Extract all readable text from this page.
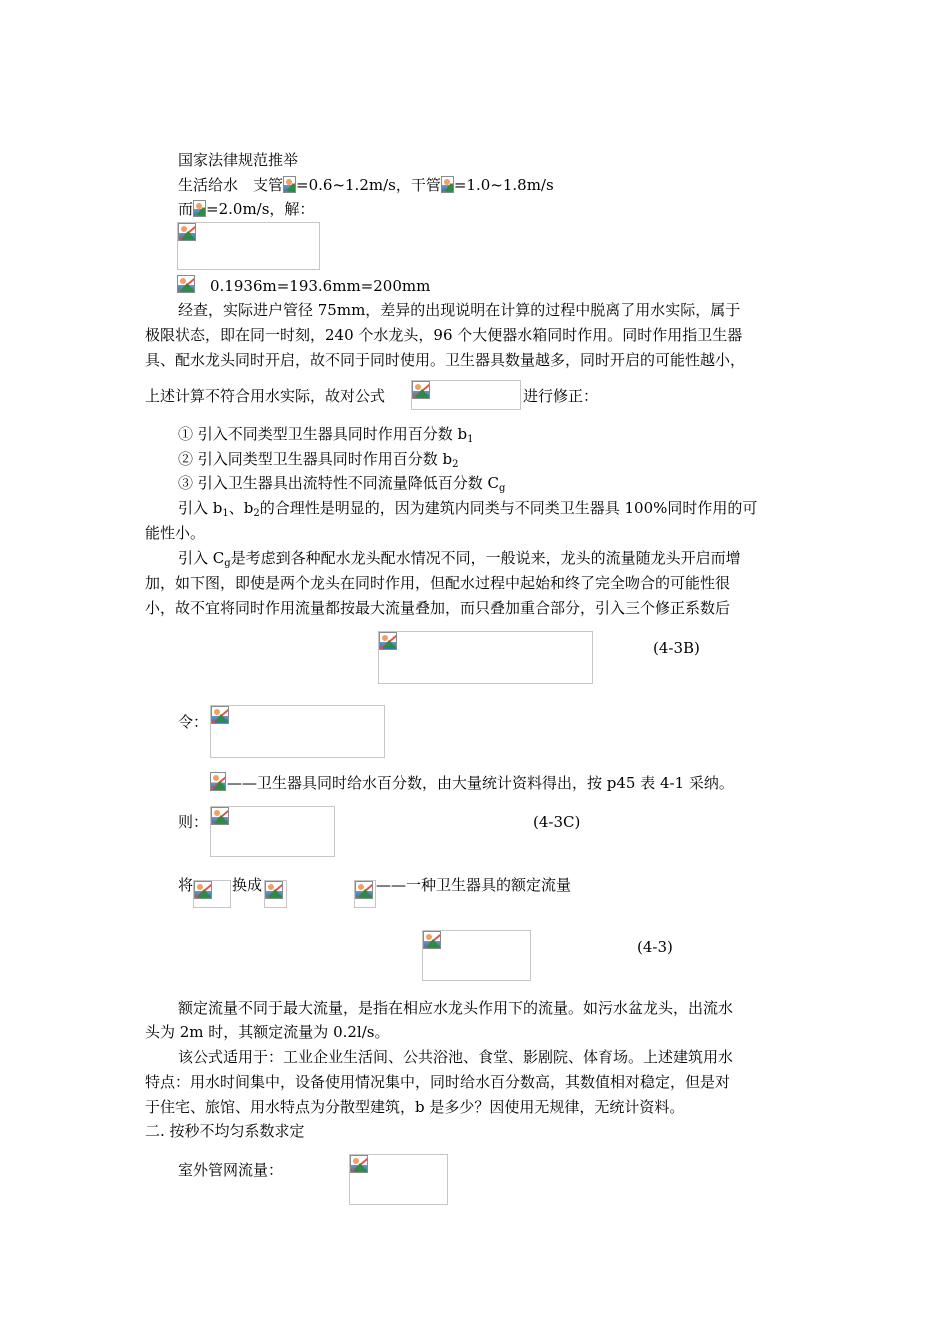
国家法律规范推举
生活给水　支管 =0.6~1.2m/s，干管 =1.0~1.8m/s
而 =2.0m/s，解：
0.1936m=193.6mm=200mm
经查，实际进户管径 75mm，差异的出现说明在计算的过程中脱离了用水实际，属于
极限状态，即在同一时刻，240 个水龙头，96 个大便器水箱同时作用。同时作用指卫生器
具、配水龙头同时开启，故不同于同时使用。卫生器具数量越多，同时开启的可能性越小，
上述计算不符合用水实际，故对公式	进行修正：
① 引入不同类型卫生器具同时作用百分数 $b_1$
② 引入同类型卫生器具同时作用百分数 $b_2$
③ 引入卫生器具出流特性不同流量降低百分数 $C_g$
引入 $b_1$、$b_2$的合理性是明显的，因为建筑内同类与不同类卫生器具 100%同时作用的可
能性小。
引入 $C_g$是考虑到各种配水龙头配水情况不同，一般说来，龙头的流量随龙头开启而增
加，如下图，即使是两个龙头在同时作用，但配水过程中起始和终了完全吻合的可能性很
小，故不宜将同时作用流量都按最大流量叠加，而只叠加重合部分，引入三个修正系数后
(4-3B)
令：
——卫生器具同时给水百分数，由大量统计资料得出，按 p45 表 4-1 采纳。
则：	(4-3C)
将	换成	——一种卫生器具的额定流量
(4-3)
额定流量不同于最大流量，是指在相应水龙头作用下的流量。如污水盆龙头，出流水
头为 2m 时，其额定流量为 0.2l/s。
该公式适用于：工业企业生活间、公共浴池、食堂、影剧院、体育场。上述建筑用水
特点：用水时间集中，设备使用情况集中，同时给水百分数高，其数值相对稳定，但是对
于住宅、旅馆、用水特点为分散型建筑，b 是多少？因使用无规律，无统计资料。
二. 按秒不均匀系数求定
室外管网流量：
